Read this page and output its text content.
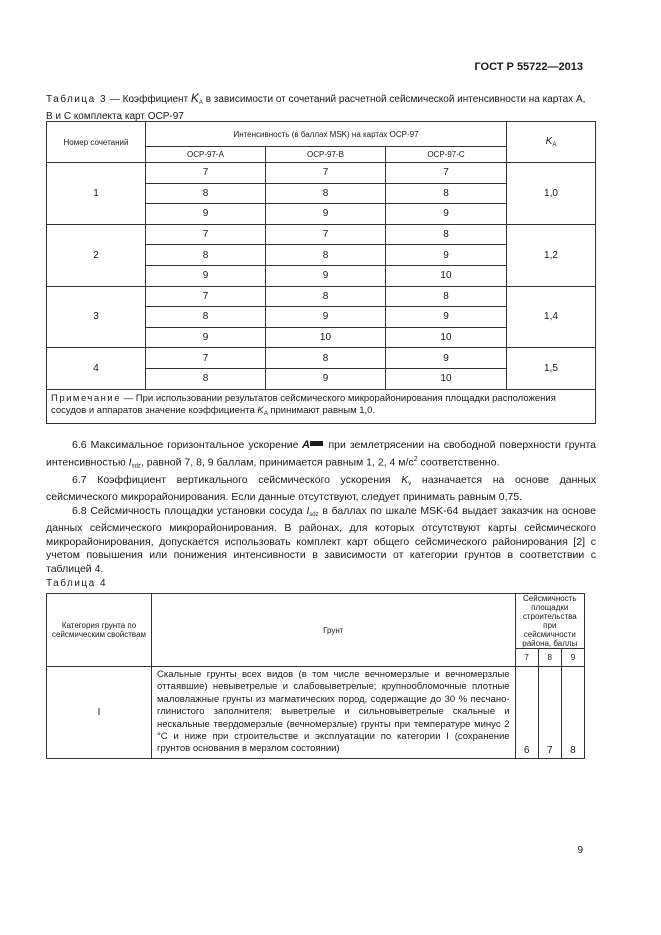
ГОСТ Р 55722—2013
Таблица 3 — Коэффициент $K_A$ в зависимости от сочетаний расчетной сейсмической интенсивности на картах А, В и С комплекта карт ОСР-97
Номер сочетаний	Интенсивность (в баллах MSK) на картах ОСР-97			$K_A$
	ОСР-97-А	ОСР-97-В	ОСР-97-С	
1	7	7	7	1,0
	8	8	8	
	9	9	9	
2	7	7	8	1,2
	8	8	9	
	9	9	10	
3	7	8	8	1,4
	8	9	9	
	9	10	10	
4	7	8	9	1,5
	8	9	10	
Примечание — При использовании результатов сейсмического микрорайонирования площадки расположения сосудов и аппаратов значение коэффициента $K_A$ принимают равным 1,0.				

6.6 Максимальное горизонтальное ускорение A при землетрясении на свободной поверхности грунта интенсивностью $I_{sdz}$, равной 7, 8, 9 баллам, принимается равным 1, 2, 4 $м/с^2$ соответственно.

6.7 Коэффициент вертикального сейсмического ускорения $K_v$ назначается на основе данных сейсмического микрорайонирования. Если данные отсутствуют, следует принимать равным 0,75.

6.8 Сейсмичность площадки установки сосуда $I_{sdz}$ в баллах по шкале MSK-64 выдает заказчик на основе данных сейсмического микрорайонирования. В районах, для которых отсутствуют карты сейсмического микрорайонирования, допускается использовать комплект карт общего сейсмического районирования [2] с учетом повышения или понижения интенсивности в зависимости от категории грунтов в соответствии с таблицей 4.

Таблица 4
Категория грунта по сейсмическим свойствам	Грунт	Сейсмичность площадки строительства при сейсмичности района, баллы		
		7	8	9
I	Скальные грунты всех видов (в том числе вечномерзлые и вечномерзлые оттаявшие) невыветрелые и слабовыветрелые; крупнообломочные плотные маловлажные грунты из магматических пород, содержащие до 30 % песчано-глинистого заполнителя; выветрелые и сильновыветрелые скальные и нескальные твердомерзлые (вечномерзлые) грунты при температуре минус 2 °С и ниже при строительстве и эксплуатации по категории I (сохранение грунтов основания в мерзлом состоянии)	6	7	8
9
